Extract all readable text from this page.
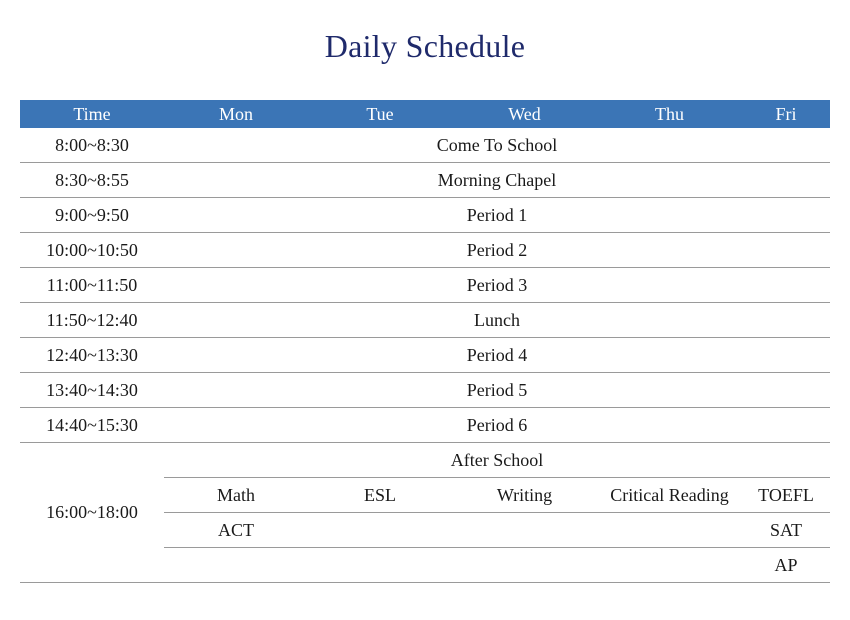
Daily Schedule
Time	Mon	Tue	Wed	Thu	Fri
8:00~8:30	Come To School				
8:30~8:55	Morning Chapel				
9:00~9:50	Period 1				
10:00~10:50	Period 2				
11:00~11:50	Period 3				
11:50~12:40	Lunch				
12:40~13:30	Period 4				
13:40~14:30	Period 5				
14:40~15:30	Period 6				
16:00~18:00	After School				
	Math	ESL	Writing	Critical Reading	TOEFL
	ACT				SAT
					AP
